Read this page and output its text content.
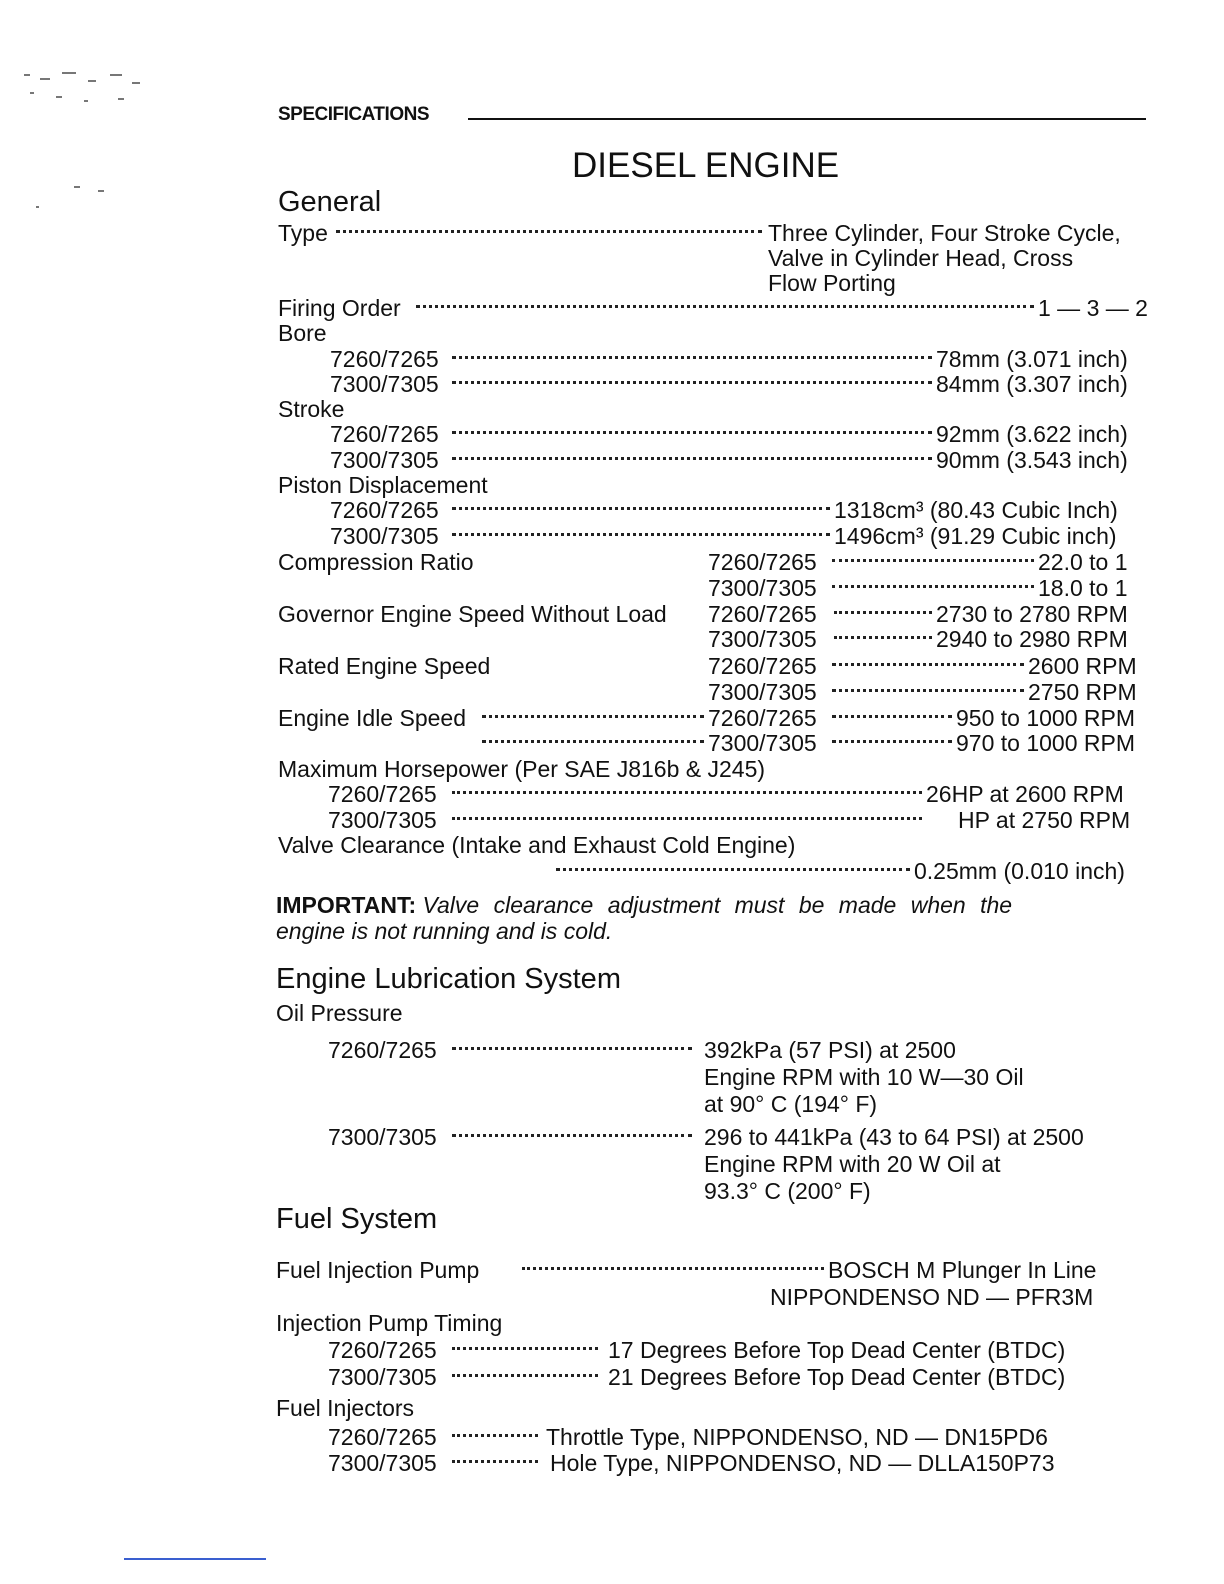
SPECIFICATIONS
DIESEL ENGINE
General
Type	Three Cylinder, Four Stroke Cycle,
Valve in Cylinder Head, Cross
Flow Porting
Firing Order	1 — 3 — 2
Bore
7260/7265	78mm (3.071 inch)
7300/7305	84mm (3.307 inch)
Stroke
7260/7265	92mm (3.622 inch)
7300/7305	90mm (3.543 inch)
Piston Displacement
7260/7265	1318cm³ (80.43 Cubic Inch)
7300/7305	1496cm³ (91.29 Cubic inch)
Compression Ratio	7260/7265	22.0 to 1
7300/7305	18.0 to 1
Governor Engine Speed Without Load 7260/7265	2730 to 2780 RPM
7300/7305	2940 to 2980 RPM
Rated Engine Speed	7260/7265	2600 RPM
7300/7305	2750 RPM
Engine Idle Speed	7260/7265	950 to 1000 RPM
7300/7305	970 to 1000 RPM
Maximum Horsepower (Per SAE J816b & J245)
7260/7265	26HP at 2600 RPM
7300/7305	HP at 2750 RPM
Valve Clearance (Intake and Exhaust Cold Engine)
0.25mm (0.010 inch)
IMPORTANT: Valve clearance adjustment must be made when the
engine is not running and is cold.
Engine Lubrication System
Oil Pressure
7260/7265	392kPa (57 PSI) at 2500
Engine RPM with 10 W—30 Oil
at 90° C (194° F)
7300/7305	296 to 441kPa (43 to 64 PSI) at 2500
Engine RPM with 20 W Oil at
93.3° C (200° F)
Fuel System
Fuel Injection Pump	BOSCH M Plunger In Line
NIPPONDENSO ND — PFR3M
Injection Pump Timing
7260/7265	17 Degrees Before Top Dead Center (BTDC)
7300/7305	21 Degrees Before Top Dead Center (BTDC)
Fuel Injectors
7260/7265	Throttle Type, NIPPONDENSO, ND — DN15PD6
7300/7305	Hole Type, NIPPONDENSO, ND — DLLA150P73
